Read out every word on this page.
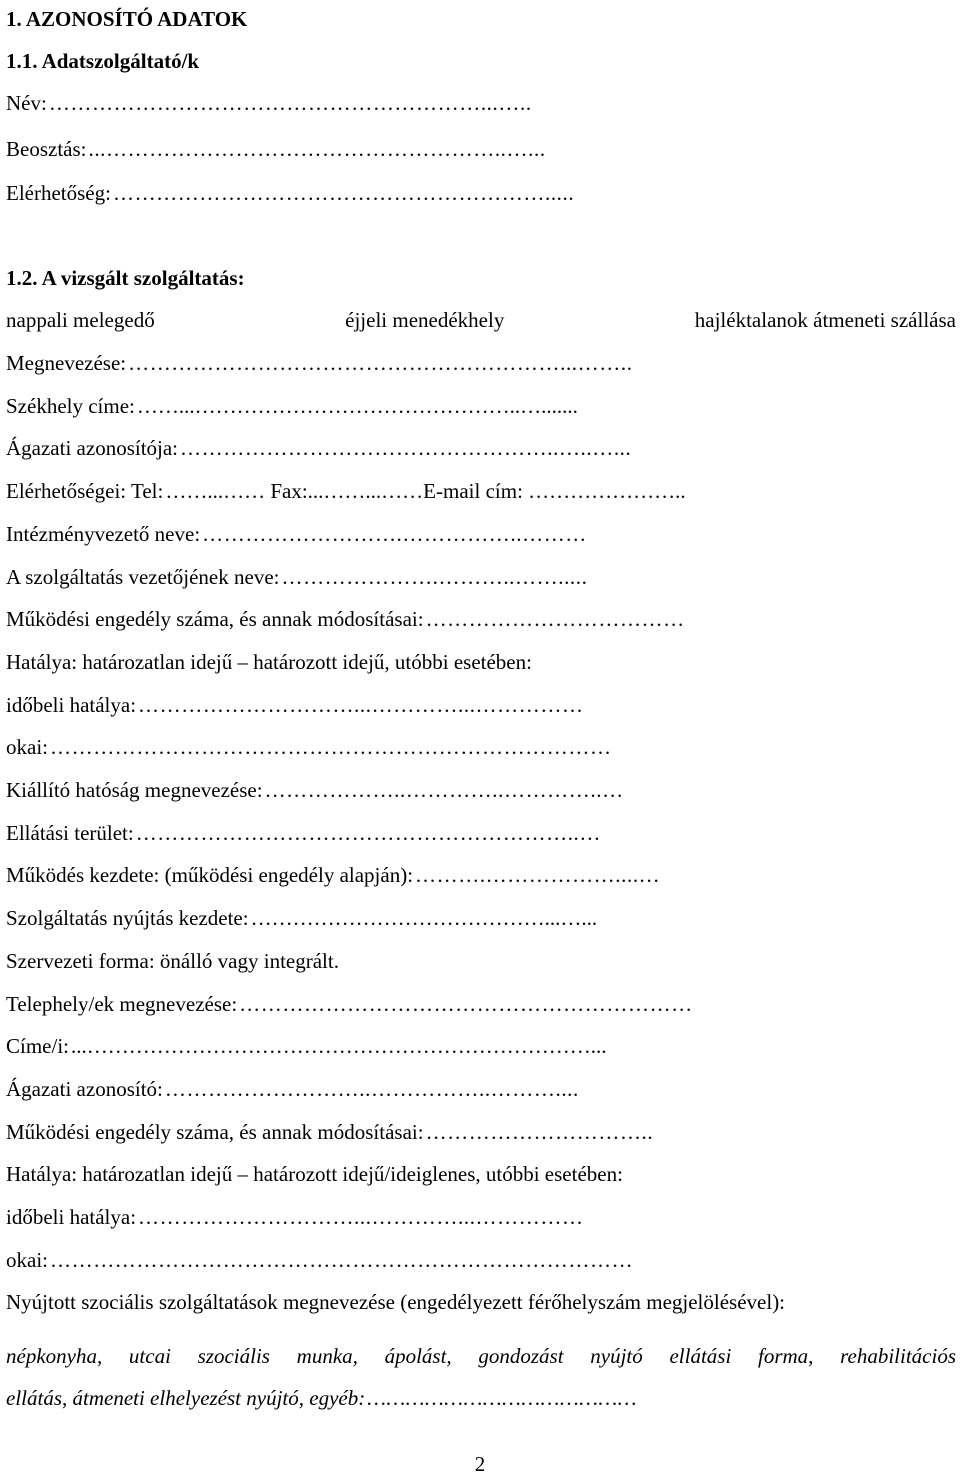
1. AZONOSÍTÓ ADATOK
1.1. Adatszolgáltató/k
Név: ……………………………………………………...…..
Beosztás: ...………………………………………………..…...
Elérhetőség: …………………………………………………….....
1.2. A vizsgált szolgáltatás:
nappali melegedő	éjjeli menedékhely	hajléktalanok átmeneti szállása
Megnevezése: ……………………………………………………...……..
Székhely címe: ……...………………………………………..….......
Ágazati azonosítója: ……………………………………………..…..…...
Elérhetőségei: Tel: ……...…… Fax:...……...……E-mail cím: …………………..
Intézményvezető neve: ……………………….……………..………
A szolgáltatás vezetőjének neve: ………………….………..…….....
Működési engedély száma, és annak módosításai: ………………………………
Hatálya: határozatlan idejű – határozott idejű, utóbbi esetében:
időbeli hatálya: …………………………...…………...……………
okai: ……………………………………………………………………
Kiállító hatóság megnevezése: ………………..…………..…………..…
Ellátási terület: ……………………………………………………..…
Működés kezdete: (működési engedély alapján): ……….………………....…
Szolgáltatás nyújtás kezdete: ……………………………………...…...
Szervezeti forma: önálló vagy integrált.
Telephely/ek megnevezése: ………………………………………………………
Címe/i: ...………………………………………………………………...
Ágazati azonosító: ………………………..……………..………....
Működési engedély száma, és annak módosításai: …………………………..
Hatálya: határozatlan idejű – határozott idejű/ideiglenes, utóbbi esetében:
időbeli hatálya: …………………………...…………...……………
okai: ………………………………………………………………………
Nyújtott szociális szolgáltatások megnevezése (engedélyezett férőhelyszám megjelölésével):
népkonyha, utcai szociális munka, ápolást, gondozást nyújtó ellátási forma, rehabilitációs
ellátás, átmeneti elhelyezést nyújtó, egyéb: ……………………………………
2
